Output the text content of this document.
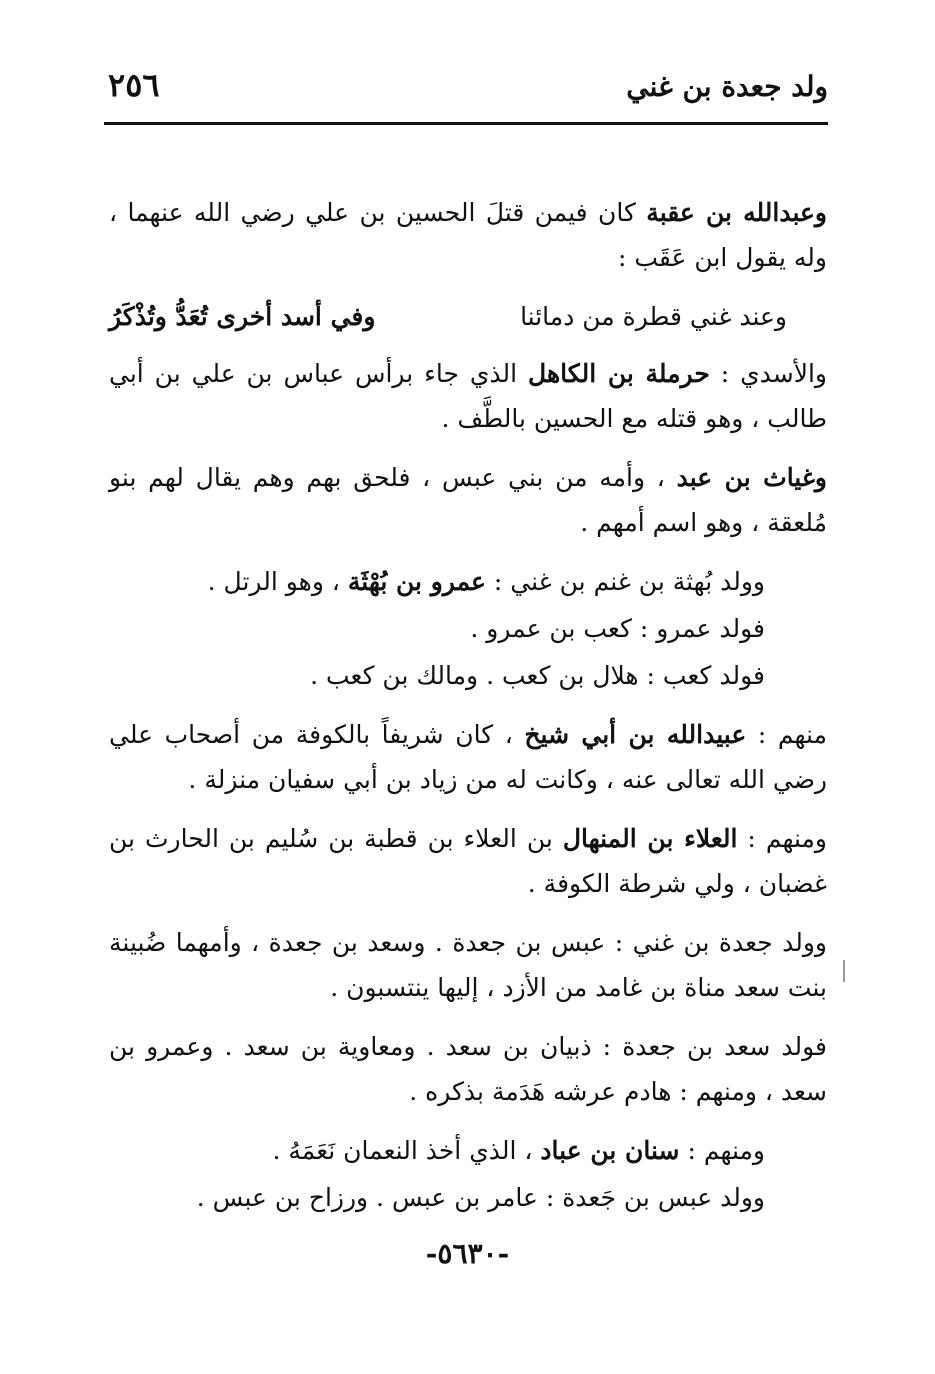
ولد جعدة بن غني
٢٥٦

وعبدالله بن عقبة كان فيمن قتلَ الحسين بن علي رضي الله عنهما ، وله يقول ابن عَقَب :

وعند غني قطرة من دمائنا
وفي أسد أخرى تُعَدُّ وتُذْكَرُ

والأسدي : حرملة بن الكاهل الذي جاء برأس عباس بن علي بن أبي طالب ، وهو قتله مع الحسين بالطَّف .

وغياث بن عبد ، وأمه من بني عبس ، فلحق بهم وهم يقال لهم بنو مُلعقة ، وهو اسم أمهم .

وولد بُهثة بن غنم بن غني : عمرو بن بُهْثَة ، وهو الرتل .

فولد عمرو : كعب بن عمرو .

فولد كعب : هلال بن كعب . ومالك بن كعب .

منهم : عبيدالله بن أبي شيخ ، كان شريفاً بالكوفة من أصحاب علي رضي الله تعالى عنه ، وكانت له من زياد بن أبي سفيان منزلة .

ومنهم : العلاء بن المنهال بن العلاء بن قطبة بن سُليم بن الحارث بن غضبان ، ولي شرطة الكوفة .

وولد جعدة بن غني : عبس بن جعدة . وسعد بن جعدة ، وأمهما ضُبينة بنت سعد مناة بن غامد من الأزد ، إليها ينتسبون .

فولد سعد بن جعدة : ذبيان بن سعد . ومعاوية بن سعد . وعمرو بن سعد ، ومنهم : هادم عرشه هَدَمة بذكره .

ومنهم : سنان بن عباد ، الذي أخذ النعمان نَعَمَهُ .

وولد عبس بن جَعدة : عامر بن عبس . ورزاح بن عبس .

-٥٦٣٠-
